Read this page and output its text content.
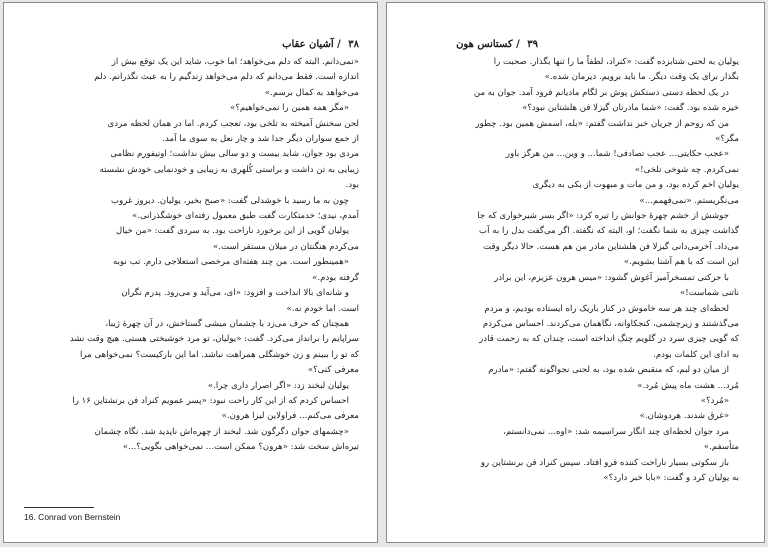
۳۸ / آشیان عقاب
«نمی‌دانم. البته که دلم می‌خواهد؛ اما خوب، شاید این یک توقع بیش از
اندازه است. فقط می‌دانم که دلم می‌خواهد زندگیم را به عبث نگذرانم. دلم
می‌خواهد به کمال برسم.»
«مگر همه همین را نمی‌خواهیم؟»
لحن سخنش آمیخته به تلخی بود، تعجب کردم. اما در همان لحظه مردی
از جمع سواران دیگر جدا شد و چار نعل به سوی ما آمد.
مردی بود جوان، شاید بیست و دو سالی بیش نداشت؛ اونیفورم نظامی
زیبایی به تن داشت و براستی کُلهری به زیبایی و خودنمایی خودش نشسته
بود.
چون به ما رسید با خوشدلی گفت: «صبح بخیر، یولیان. دیروز غروب
آمدم، نیدی؛ خدمتکارت گفت طبق معمول رفته‌ای خوشگذرانی.»
یولیان گویی از این برخورد ناراحت بود. به سردی گفت: «من خیال
می‌کردم هنگنتان در میلان مستقر است.»
«همینطور است. من چند هفته‌ای مرخصی استعلاجی دارم. تب نوبه
گرفته بودم.»
و شانه‌ای بالا انداخت و افزود: «ای، می‌آید و می‌رود. پدرم نگران
است. اما خودم نه.»
همچنان که حرف می‌زد با چشمان میشی گستاخش، در آن چهرهٔ ژیبا،
سراپایم را برانداز می‌کرد. گفت: «یولیان، تو مرد خوشبختی هستی. هیچ وقت نشد
که تو را ببینم و زن خوشگلی همراهت نباشد. اما این بارکیست؟ نمی‌خواهی مرا
معرفی کنی؟»
یولیان لبخند زد: «اگر اصرار داری چرا.»
احساس کردم که از این کار راحت نبود: «پسر عمویم کنراد فن برنشتاین ۱۶ را
معرفی می‌کنم... فراولاین لیزا هرون.»
«چشمهای جوان دگرگون شد. لبخند از چهره‌اش ناپدید شد. نگاه چشمان
تیره‌اش سخت شد: «هرون؟ ممکن است... نمی‌خواهی بگویی؟...»
16. Conrad von Bernstein
۳۹ / کستانس هون
یولیان به لحنی شتابزده گفت: «کنراد، لطفاً ما را تنها بگذار. صحبت را
بگذار برای یک وقت دیگر. ما باید برویم. دیرمان شده.»
در یک لحظه دستی دستکش پوش بر لگام مادیانم فرود آمد. جوان به من
خیره شده بود. گفت: «شما مادرتان گیزلا فن هلشتاین نبود؟»
من که روحم از جریان خبر نداشت گفتم: «بله، اسمش همین بود. چطور
مگر؟»
«عجب حکایتی... عجب تصادفی! شما... و وین... من هرگز باور
نمی‌کردم. چه شوخی تلخی!»
یولیان اخم کرده بود، و من مات و مبهوت از یکی به دیگری
می‌نگریستم. «نمی‌فهمم...»
جوشش از خشم چهرهٔ جوانش را تیره کرد: «اگر بسر شیرخواری که جا
گذاشت چیزی به شما نگفت؛ او، البته که نگفته. اگر می‌گفت بدل را به آب
می‌داد. آخرمی‌دانی گیزلا فن هلشتاین مادر من هم هست. حالا دیگر وقت
این است که با هم آشنا بشویم.»
با حرکتی تمسخرآمیز آغوش گشود: «میس هرون عزیزم، این برادر
ناتنی شماست!»
لحظه‌ای چند هر سه خاموش در کنار باریک راه ایستاده بودیم، و مردم
می‌گذشتند و زیرچشمی، کنجکاوانه، نگاهمان می‌کردند. احساس می‌کردم
که گویی چیزی سرد در گلویم چنگ انداخته است، چندان که به زحمت قادر
به ادای این کلمات بودم.
از میان دو لبم، که منقبض شده بود، به لحنی نجواگونه گفتم: «مادرم
مُرد... هشت ماه پیش مُرد.»
«مُرد؟»
«غرق شدند. هردوشان.»
مرد جوان لحظه‌ای چند انگار سراسیمه شد: «اوه... نمی‌دانستم،
متأسفم.»
باز سکوتی بسیار ناراحت کننده فرو افتاد. سپس کنراد فن برنشتاین رو
به یولیان کرد و گفت: «بابا خبر دارد؟»
